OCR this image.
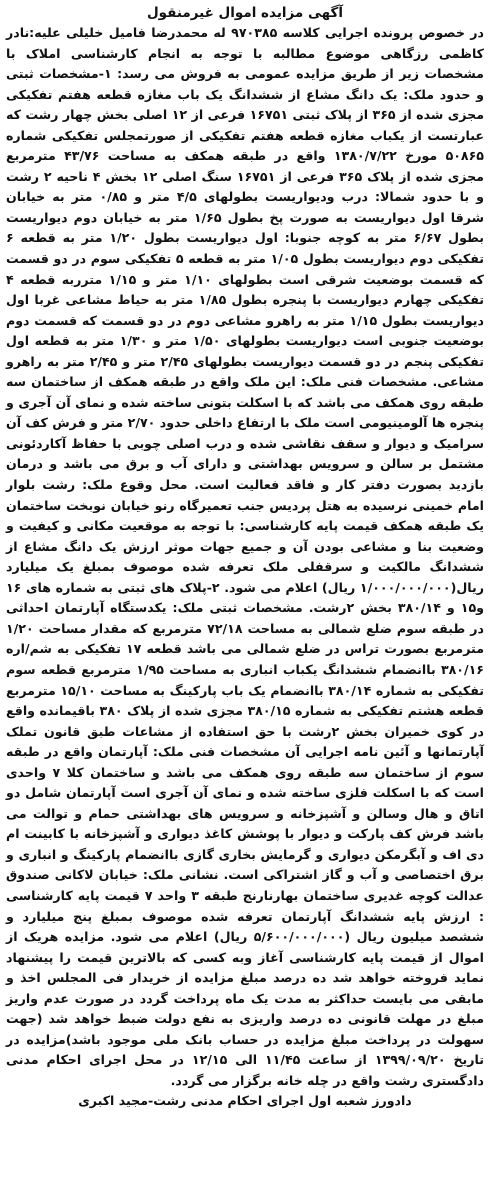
آگهی مزایده اموال غیرمنقول

در خصوص پرونده اجرایی کلاسه ۹۷۰۳۸۵ له محمدرضا فامیل خلیلی علیه:نادر کاظمی رزگاهی موضوع مطالبه با توجه به انجام کارشناسی املاک با مشخصات زیر از طریق مزایده عمومی به فروش می رسد: ۱-مشخصات ثبتی و حدود ملک: یک دانگ مشاع از ششدانگ یک باب مغازه قطعه هفتم تفکیکی مجزی شده از ۳۶۵ از پلاک ثبتی ۱۶۷۵۱ فرعی از ۱۲ اصلی بخش چهار رشت که عبارتست از یکباب مغازه قطعه هفتم تفکیکی از صورتمجلس تفکیکی شماره ۵۰۸۶۵ مورخ ۱۳۸۰/۷/۲۲ واقع در طبقه همکف به مساحت ۴۳/۷۶ مترمربع مجزی شده از پلاک ۳۶۵ فرعی از ۱۶۷۵۱ سنگ اصلی ۱۲ بخش ۴ ناحیه ۲ رشت و با حدود شمالا: درب ودیواریست بطولهای ۴/۵ متر و ۰/۸۵ متر به خیابان شرقا اول دیواریست به صورت پخ بطول ۱/۶۵ متر به خیابان دوم دیواریست بطول ۶/۶۷ متر به کوچه جنوبا: اول دیواریست بطول ۱/۲۰ متر به قطعه ۶ تفکیکی دوم دیواریست بطول ۱/۰۵ متر به قطعه ۵ تفکیکی سوم در دو قسمت که قسمت بوضعیت شرقی است بطولهای ۱/۱۰ متر و ۱/۱۵ مترربه قطعه ۴ تفکیکی چهارم دیواریست با پنجره بطول ۱/۸۵ متر به حیاط مشاعی غربا اول دیواریست بطول ۱/۱۵ متر به راهرو مشاعی دوم در دو قسمت که قسمت دوم بوضعیت جنوبی است دیواریست بطولهای ۱/۵۰ متر و ۱/۳۰ متر به قطعه اول تفکیکی پنجم در دو قسمت دیواریست بطولهای ۲/۴۵ متر و ۲/۴۵ متر به راهرو مشاعی. مشخصات فنی ملک: این ملک واقع در طبقه همکف از ساختمان سه طبقه روی همکف می باشد که با اسکلت بتونی ساخته شده و نمای آن آجری و پنجره ها آلومینیومی است ملک با ارتفاع داخلی حدود ۲/۷۰ متر و فرش کف آن سرامیک و دیوار و سقف نقاشی شده و درب اصلی چوبی با حفاظ آکاردئونی مشتمل بر سالن و سرویس بهداشتی و دارای آب و برق می باشد و درمان بازدید بصورت دفتر کار و فاقد فعالیت است. محل وقوع ملک: رشت بلوار امام خمینی نرسیده به هتل پردیس جنب تعمیرگاه رنو خیابان نوبخت ساختمان یک طبقه همکف قیمت پایه کارشناسی: با توجه به موقعیت مکانی و کیفیت و وضعیت بنا و مشاعی بودن آن و جمیع جهات موثر ارزش یک دانگ مشاع از ششدانگ مالکیت و سرقفلی ملک تعرفه شده موصوف بمبلغ یک میلیارد ریال(۱/۰۰۰/۰۰۰/۰۰۰ ریال) اعلام می شود. ۲-پلاک های ثبتی به شماره های ۱۶ و۱۵ و ۳۸۰/۱۴ بخش ۲رشت. مشخصات ثبتی ملک: یکدستگاه آپارتمان احداثی در طبقه سوم ضلع شمالی به مساحت ۷۲/۱۸ مترمربع که مقدار مساحت ۱/۲۰ مترمربع بصورت تراس در ضلع شمالی می باشد قطعه ۱۷ تفکیکی به شم/اره ۳۸۰/۱۶ باانضمام ششدانگ یکباب انباری به مساحت ۱/۹۵ مترمربع قطعه سوم تفکیکی به شماره ۳۸۰/۱۴ باانضمام یک باب پارکینگ به مساحت ۱۵/۱۰ مترمربع قطعه هشتم تفکیکی به شماره ۳۸۰/۱۵ مجزی شده از پلاک ۳۸۰ باقیمانده واقع در کوی خمیران بخش ۲رشت با حق استفاده از مشاعات طبق قانون تملک آپارتمانها و آئین نامه اجرایی آن مشخصات فنی ملک: آپارتمان واقع در طبقه سوم از ساختمان سه طبقه روی همکف می باشد و ساختمان کلا ۷ واحدی است که با اسکلت فلزی ساخته شده و نمای آن آجری است آپارتمان شامل دو اتاق و هال وسالن و آشپزخانه و سرویس های بهداشتی حمام و توالت می باشد فرش کف پارکت و دیوار با پوشش کاغذ دیواری و آشپزخانه با کابینت ام دی اف و آبگرمکن دیواری و گرمایش بخاری گازی باانضمام پارکینگ و انباری و برق اختصاصی و آب و گاز اشتراکی است. نشانی ملک: خیابان لاکانی صندوق عدالت کوچه غدیری ساختمان بهارنارنج طبقه ۳ واحد ۷ قیمت پایه کارشناسی : ارزش پایه ششدانگ آپارتمان تعرفه شده موصوف بمبلغ پنج میلیارد و ششصد میلیون ریال (۵/۶۰۰/۰۰۰/۰۰۰ ریال) اعلام می شود. مزایده هریک از اموال از قیمت پایه کارشناسی آغاز وبه کسی که بالاترین قیمت را پیشنهاد نماید فروخته خواهد شد ده درصد مبلغ مزایده از خریدار فی المجلس اخذ و مابقی می بایست حداکثر به مدت یک ماه پرداخت گردد در صورت عدم واریز مبلغ در مهلت قانونی ده درصد واریزی به نفع دولت ضبط خواهد شد (جهت سهولت در پرداخت مبلغ مزایده در حساب بانک ملی موجود باشد)مزایده در تاریخ ۱۳۹۹/۰۹/۲۰ از ساعت ۱۱/۴۵ الی ۱۲/۱۵ در محل اجرای احکام مدنی دادگستری رشت واقع در چله خانه برگزار می گردد.

دادورز شعبه اول اجرای احکام مدنی رشت-مجید اکبری
